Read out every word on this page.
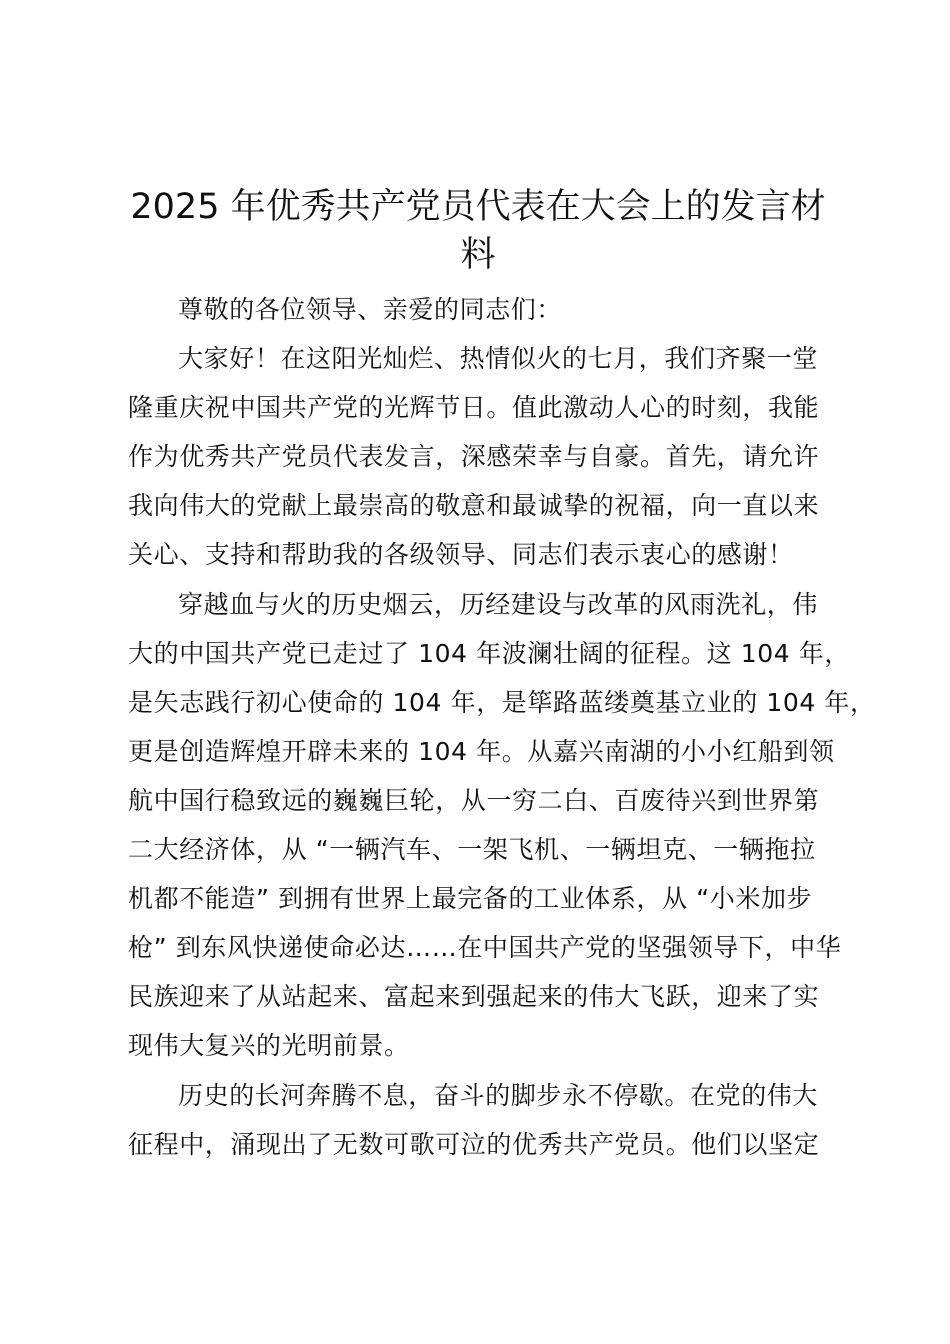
2025 年优秀共产党员代表在大会上的发言材
料

尊敬的各位领导、亲爱的同志们：

大家好！在这阳光灿烂、热情似火的七月，我们齐聚一堂
隆重庆祝中国共产党的光辉节日。值此激动人心的时刻，我能
作为优秀共产党员代表发言，深感荣幸与自豪。首先，请允许
我向伟大的党献上最崇高的敬意和最诚挚的祝福，向一直以来
关心、支持和帮助我的各级领导、同志们表示衷心的感谢！

穿越血与火的历史烟云，历经建设与改革的风雨洗礼，伟
大的中国共产党已走过了 104 年波澜壮阔的征程。这 104 年，
是矢志践行初心使命的 104 年，是筚路蓝缕奠基立业的 104 年，
更是创造辉煌开辟未来的 104 年。从嘉兴南湖的小小红船到领
航中国行稳致远的巍巍巨轮，从一穷二白、百废待兴到世界第
二大经济体，从 “一辆汽车、一架飞机、一辆坦克、一辆拖拉
机都不能造” 到拥有世界上最完备的工业体系，从 “小米加步
枪” 到东风快递使命必达……在中国共产党的坚强领导下，中华
民族迎来了从站起来、富起来到强起来的伟大飞跃，迎来了实
现伟大复兴的光明前景。

历史的长河奔腾不息，奋斗的脚步永不停歇。在党的伟大
征程中，涌现出了无数可歌可泣的优秀共产党员。他们以坚定
